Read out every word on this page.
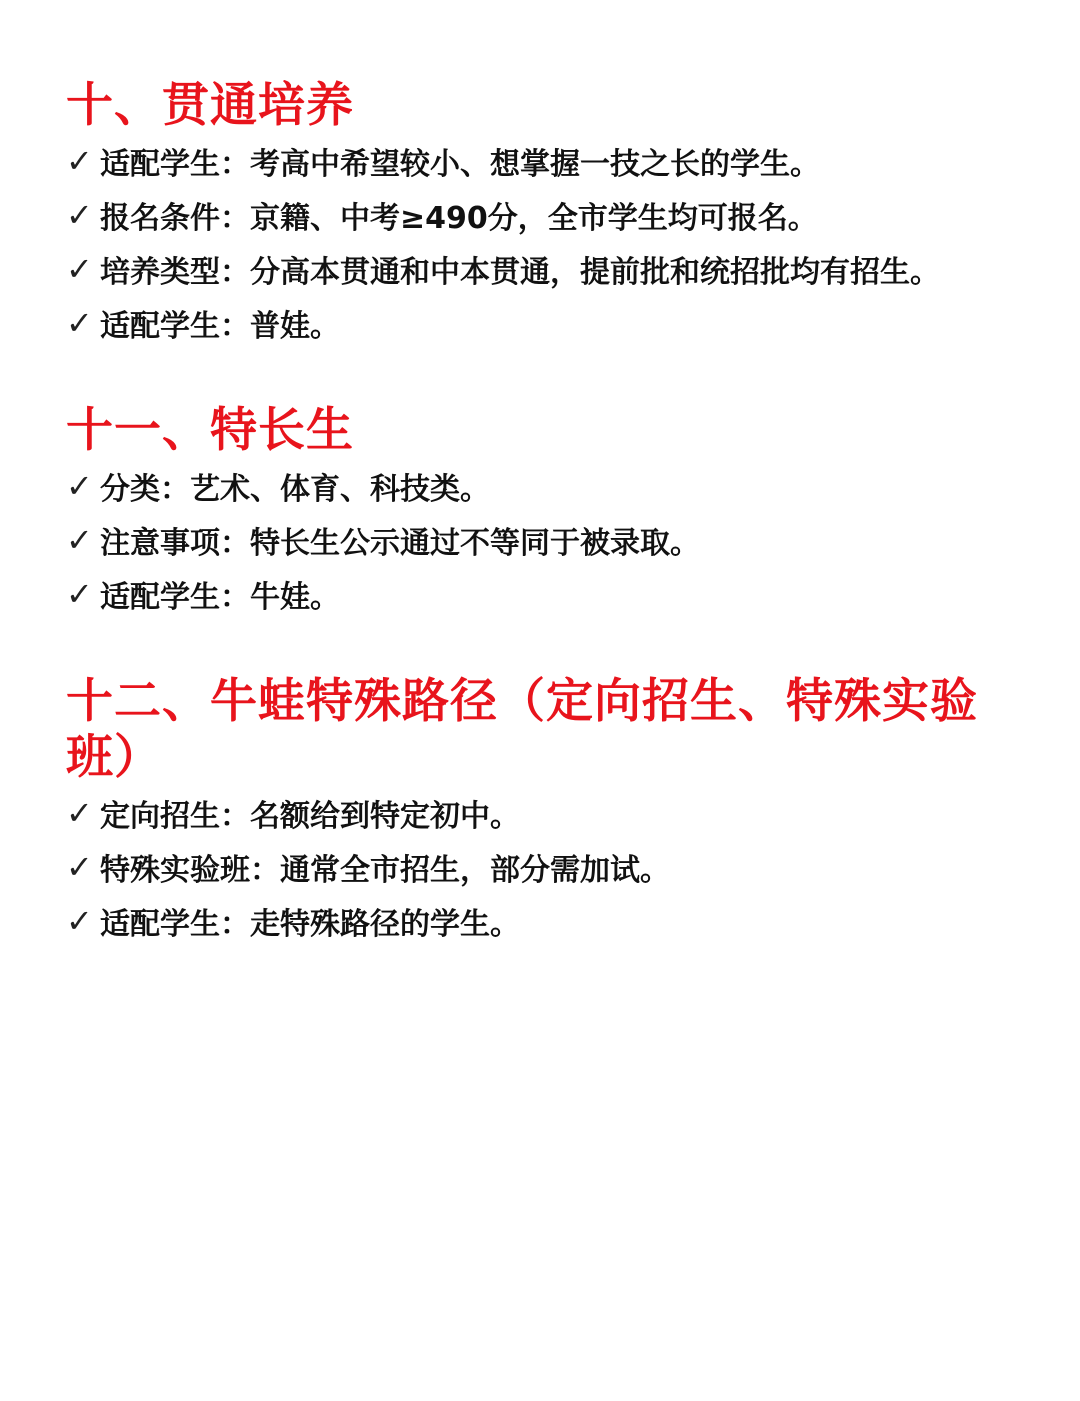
十、贯通培养
✓ 适配学生： 考高中希望较小、想掌握一技之长的学生。
✓ 报名条件： 京籍、中考≥490分，全市学生均可报名。
✓ 培养类型： 分高本贯通和中本贯通，提前批和统招批均有招生。
✓ 适配学生： 普娃。
十一、特长生
✓ 分类： 艺术、体育、科技类。
✓ 注意事项： 特长生公示通过不等同于被录取。
✓ 适配学生： 牛娃。
十二、牛蛙特殊路径（定向招生、特殊实验班）
✓ 定向招生： 名额给到特定初中。
✓ 特殊实验班： 通常全市招生，部分需加试。
✓ 适配学生： 走特殊路径的学生。
